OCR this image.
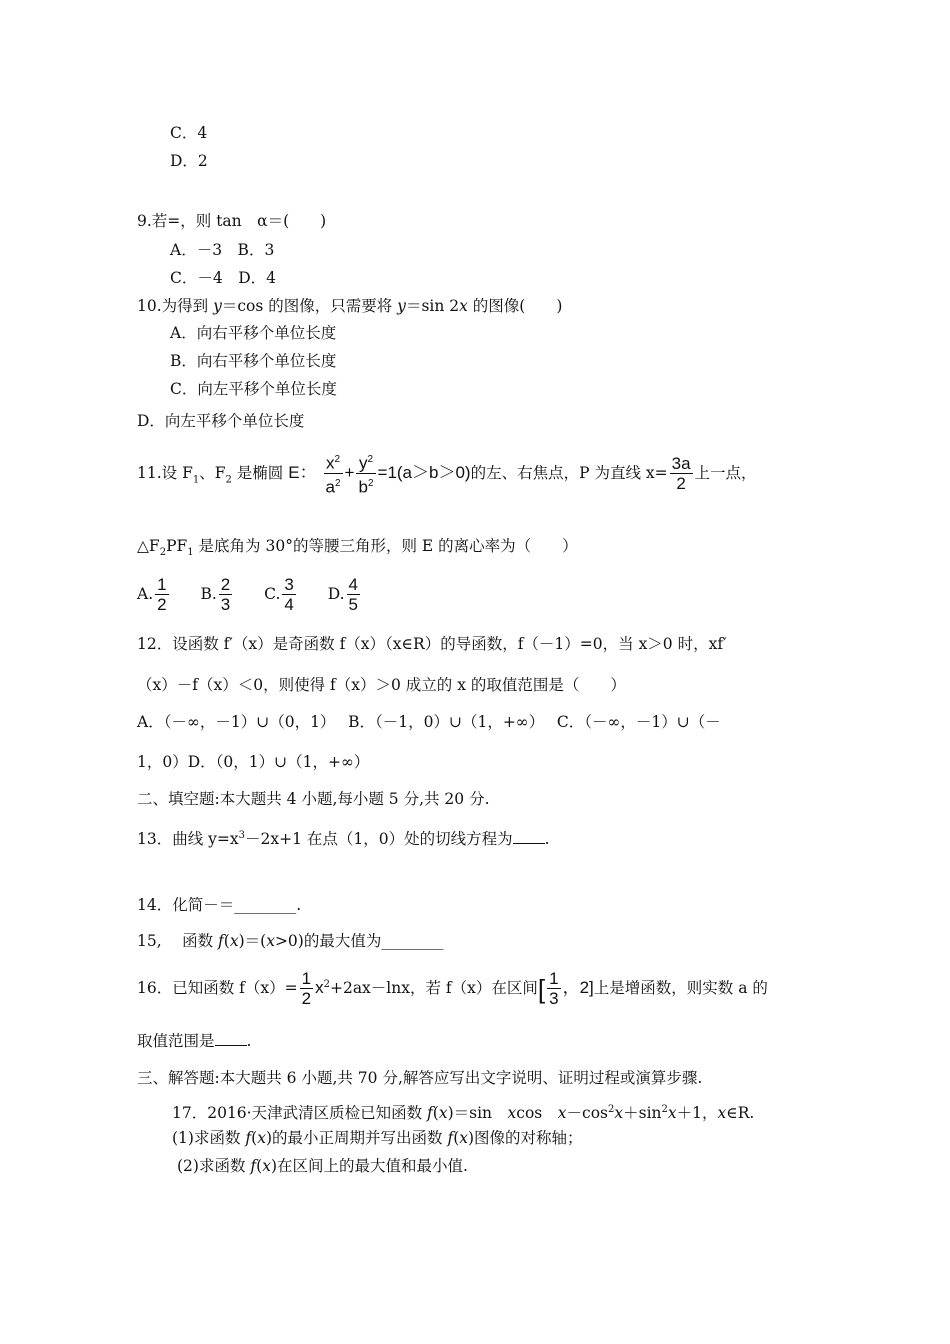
C．4
D．2
9.若=，则 tan　α＝(　　)
A．－3　B．3
C．－4　D．4
10.为得到 y＝cos 的图像，只需要将 y＝sin 2x 的图像(　　)
A．向右平移个单位长度
B．向右平移个单位长度
C．向左平移个单位长度
D．向左平移个单位长度
11.设 $F_1$、$F_2$ 是椭圆 E： $\frac{x^2}{a^2} + \frac{y^2}{b^2} =1(a>b>0)$的左、右焦点，P 为直线 $x= \frac{3a}{2}$ 上一点，
$\triangle F_2PF_1$ 是底角为 30°的等腰三角形，则 E 的离心率为（　　）
A. $\frac{1}{2} B$. $\frac{2}{3} C$. $\frac{3}{4} D$. $\frac{4}{5}$
12．设函数 f′（x）是奇函数 f（x）（x∈R）的导函数，f（－1）=0，当 x＞0 时，xf′
（x）－f（x）＜0，则使得 f（x）＞0 成立的 x 的取值范围是（　　）
A．（－∞，－1）∪（0，1）　 B．（－1，0）∪（1，+∞）　 C．（－∞，－1）∪（－
1，0）D．（0，1）∪（1，+∞）
二、填空题:本大题共 4 小题,每小题 5 分,共 20 分.
13．曲线 $y=x^3-2x+1$ 在点（1，0）处的切线方程为 .
14．化简－＝________.
15,　 函数 f(x)＝(x>0)的最大值为________
16．已知函数 $f(x)= \frac{1}{2} x^2+2ax-\ln x$，若 f（x）在区间[ $\frac{1}{3}$ ，2]上是增函数，则实数 a 的
取值范围是 .
三、解答题:本大题共 6 小题,共 70 分,解答应写出文字说明、证明过程或演算步骤.
17．2016·天津武清区质检已知函数 f(x)＝sin　xcos　$x-\cos^2x+\sin^2x+1$，x∈R.
(1)求函数 f(x)的最小正周期并写出函数 f(x)图像的对称轴；
(2)求函数 f(x)在区间上的最大值和最小值.
